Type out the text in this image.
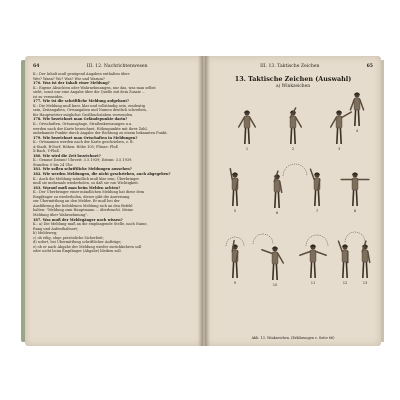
64	III. 12. Nachrichtenwesen
K.: Der Inhalt muß genügend Angaben enthalten über:
Wer? Wann? Wo? Was? Wie und Warum?
176. Was ist der Inhalt einer Meldung?
K.: Eigene Absichten oder Wahrnehmungen, nur das, was man selbst
sieht, sonst nur eine Angabe über die Quelle mit dem Zusatz ...
ist zu vermeiden.
177. Wie ist die schriftliche Meldung aufgebaut?
K.: Die Meldung muß kurz, klar und vollständig sein, eindeutig
sein, Zeitangaben, Ortsangaben und Namen deutlich schreiben,
für Hauptwörter möglichst Großbuchstaben verwenden.
178. Wie bezeichnet man Geländepunkte darin?
K.: Ortschaften, Ortsausgänge, Straßenkreuzungen u.a.
werden nach der Karte bezeichnet, Höhenpunkte mit ihrer Zahl,
unbekannte Punkte durch Angabe der Richtung zu einem bekannten Punkt.
179. Wie bezeichnet man Ortschaften in Meldungen?
K.: Ortsnamen werden nach der Karte geschrieben, z. B.
A-Stadt, B-Dorf; Höhen: Höhe 105; Flüsse: Fluß
X-Bach, Y-Fluß.
180. Wie wird die Zeit bezeichnet?
K.: Genaue Datum! Uhrzeit: 3.5.1939; Datum: 3.5.1939.
Stunden: 0 bis 24 Uhr.
181. Wie sollen schriftliche Meldungen aussehen?
182. Wie werden Meldungen, die nicht geschrieben, auch abgegeben?
K.: Auch die Meldung mündlich muß klar sein; Überbringer
muß sie mehrmals wiederholen, so daß sie von Wichtigkeit.
183. Worauf muß man beim Melden achten?
K.: Der Überbringer einer mündlichen Meldung hat diese dem
Empfänger zu wiederholen, dieser gibt die Anweisung
zur Übermittlung an den Melder. Er muß bei der
Ausführung der befohlenen Meldung sich an den Befehl
halten: "Meldung zum Hauptmann ... überbracht. Meine
Meldung über Wahrnehmung".
187. Was muß der Meldegänger noch wissen?
K.: a) Die Meldung muß an die empfangende Stelle, nach Name,
Rang und Aufenthaltsort;
b) Meldeweg;
c) ob eilig, ohne persönliche Sicherheit;
d) sofort, bei Übermittlung schriftlicher Aufträge;
e) ob er nach Abgabe der Meldung wieder zurückkehren soll
oder nicht beim Empfänger (Abgabe) bleiben soll.
III. 13. Taktische Zeichen	65
13. Taktische Zeichen (Auswahl)
a) Winkzeichen
1	2	3
4
5	6	7	8
9	10	11	12	13
Abb. 13. Winkzeichen. (Erklärungen s. Seite 66)
